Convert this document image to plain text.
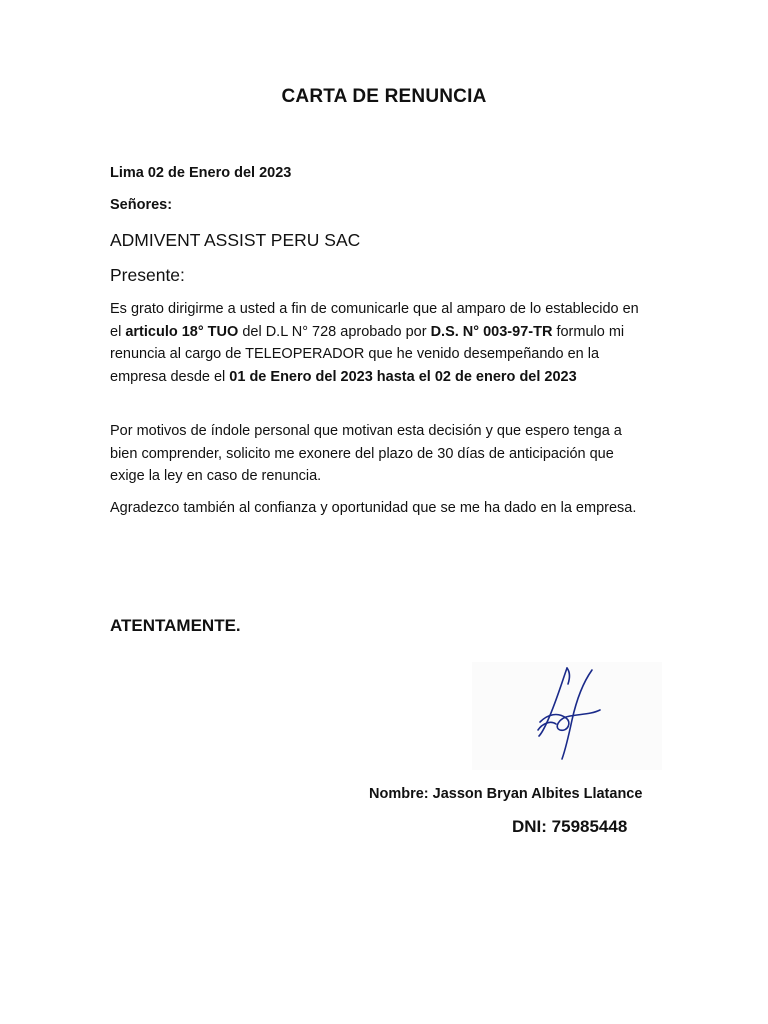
CARTA DE RENUNCIA
Lima 02 de Enero del 2023
Señores:
ADMIVENT ASSIST PERU SAC
Presente:
Es grato dirigirme a usted a fin de comunicarle que al amparo de lo establecido en el articulo 18° TUO del D.L N° 728 aprobado por D.S. N° 003-97-TR formulo mi renuncia al cargo de TELEOPERADOR que he venido desempeñando en la empresa desde el 01 de Enero del 2023 hasta el 02 de enero del 2023
Por motivos de índole personal que motivan esta decisión y que espero tenga a bien comprender, solicito me exonere del plazo de 30 días de anticipación que exige la ley en caso de renuncia.
Agradezco también al confianza y oportunidad que se me ha dado en la empresa.
ATENTAMENTE.
Nombre: Jasson Bryan Albites Llatance
DNI: 75985448
